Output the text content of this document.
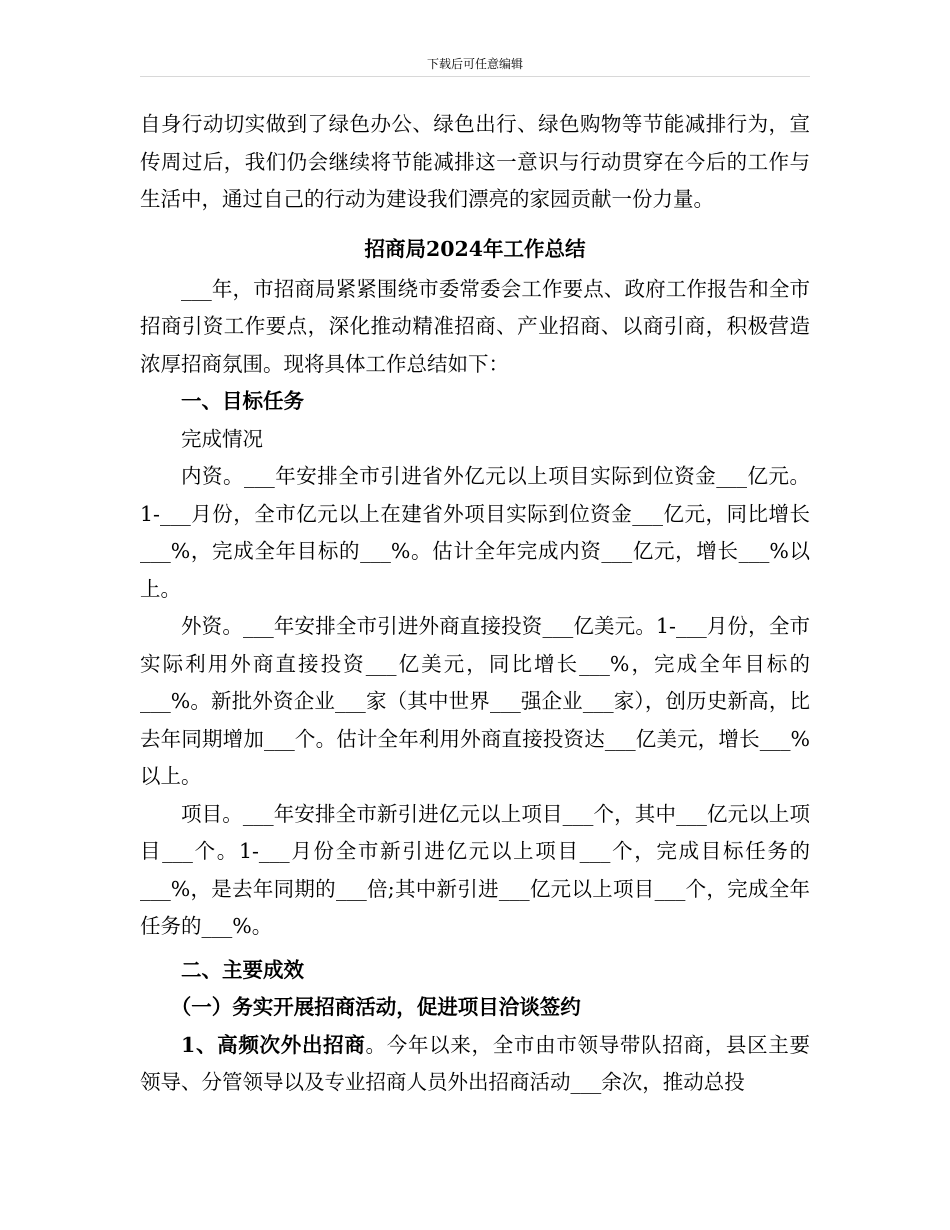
下载后可任意编辑

自身行动切实做到了绿色办公、绿色出行、绿色购物等节能减排行为，宣传周过后，我们仍会继续将节能减排这一意识与行动贯穿在今后的工作与生活中，通过自己的行动为建设我们漂亮的家园贡献一份力量。

招商局2024年工作总结

___年，市招商局紧紧围绕市委常委会工作要点、政府工作报告和全市招商引资工作要点，深化推动精准招商、产业招商、以商引商，积极营造浓厚招商氛围。现将具体工作总结如下：

一、目标任务

完成情况

内资。___年安排全市引进省外亿元以上项目实际到位资金___亿元。1-___月份，全市亿元以上在建省外项目实际到位资金___亿元，同比增长___%，完成全年目标的___%。估计全年完成内资___亿元，增长___%以上。

外资。___年安排全市引进外商直接投资___亿美元。1-___月份，全市实际利用外商直接投资___亿美元，同比增长___%，完成全年目标的___%。新批外资企业___家（其中世界___强企业___家），创历史新高，比去年同期增加___个。估计全年利用外商直接投资达___亿美元，增长___%以上。

项目。___年安排全市新引进亿元以上项目___个，其中___亿元以上项目___个。1-___月份全市新引进亿元以上项目___个，完成目标任务的___%，是去年同期的___倍;其中新引进___亿元以上项目___个，完成全年任务的___%。

二、主要成效

（一）务实开展招商活动，促进项目洽谈签约

1、高频次外出招商。今年以来，全市由市领导带队招商，县区主要领导、分管领导以及专业招商人员外出招商活动___余次，推动总投
